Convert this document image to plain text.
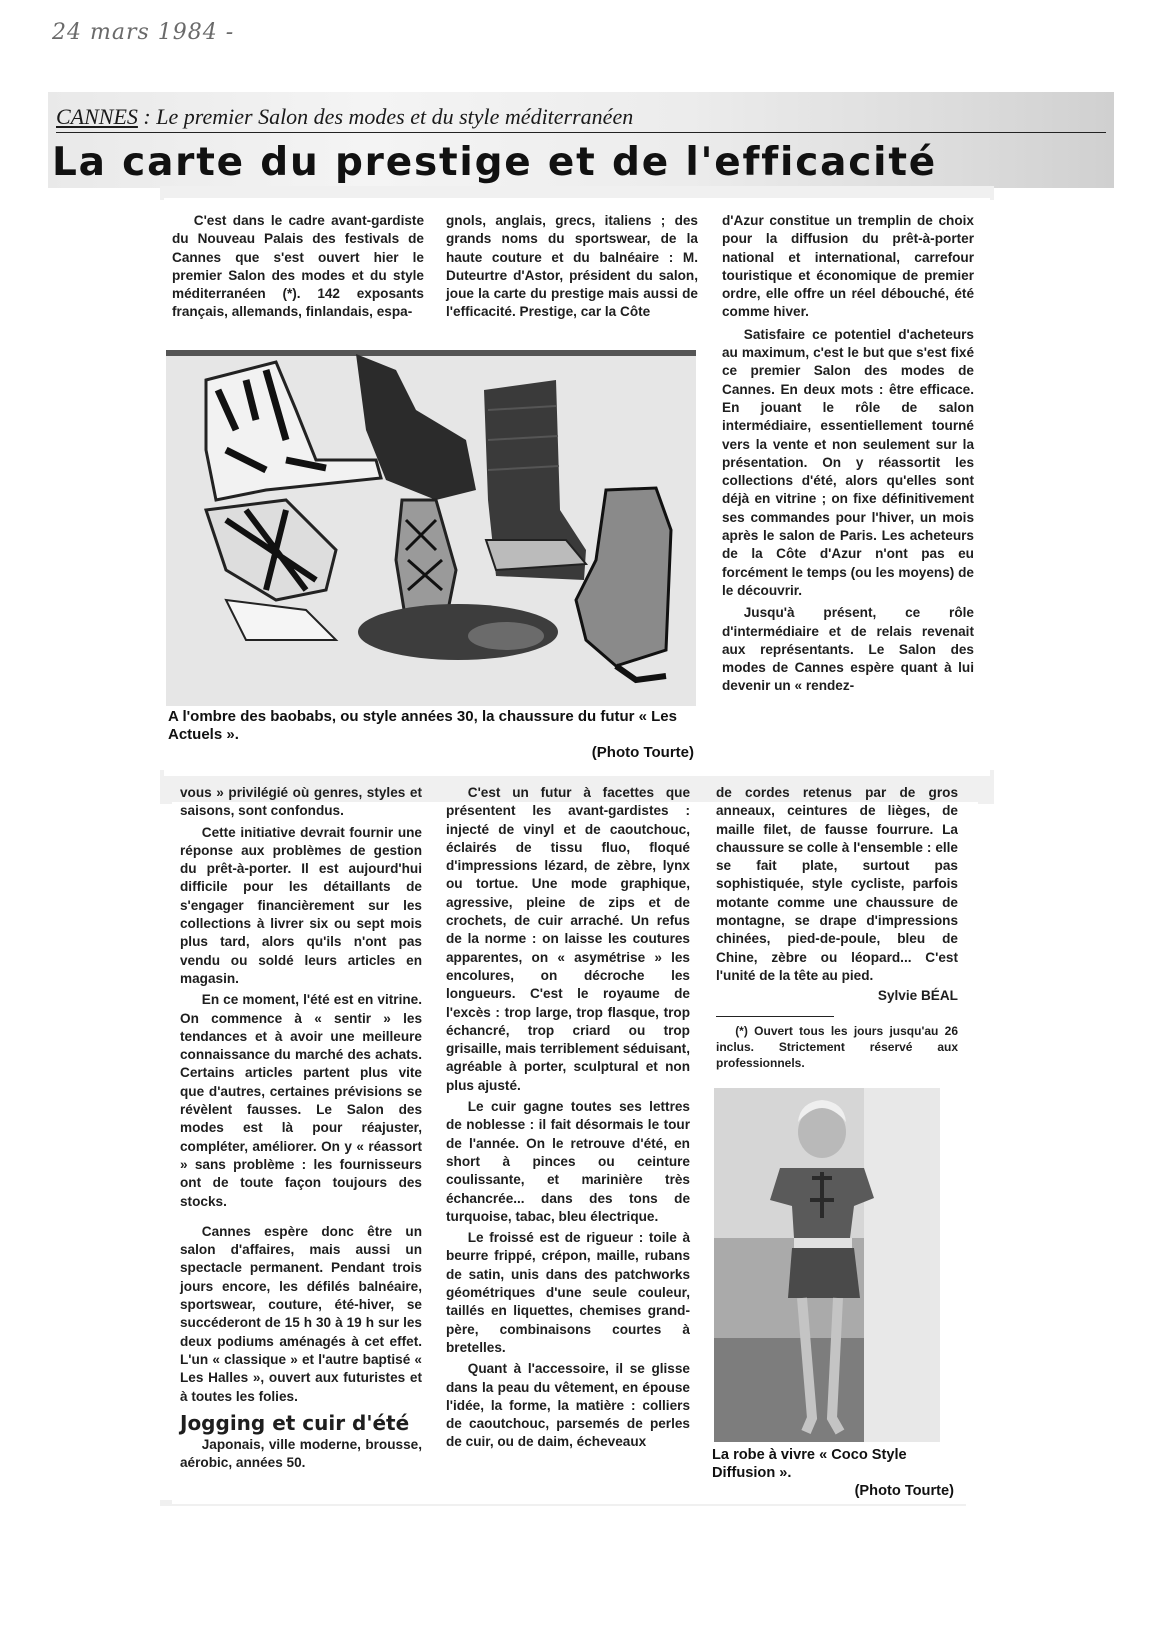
24 mars 1984 -
CANNES : Le premier Salon des modes et du style méditerranéen
La carte du prestige et de l'efficacité

C'est dans le cadre avant-gardiste du Nouveau Palais des festivals de Cannes que s'est ouvert hier le premier Salon des modes et du style méditerranéen (*). 142 exposants français, allemands, finlandais, espa-

gnols, anglais, grecs, italiens ; des grands noms du sportswear, de la haute couture et du balnéaire : M. Duteurtre d'Astor, président du salon, joue la carte du prestige mais aussi de l'efficacité. Prestige, car la Côte

d'Azur constitue un tremplin de choix pour la diffusion du prêt-à-porter national et international, carrefour touristique et économique de premier ordre, elle offre un réel débouché, été comme hiver.

Satisfaire ce potentiel d'acheteurs au maximum, c'est le but que s'est fixé ce premier Salon des modes de Cannes. En deux mots : être efficace. En jouant le rôle de salon intermédiaire, essentiellement tourné vers la vente et non seulement sur la présentation. On y réassortit les collections d'été, alors qu'elles sont déjà en vitrine ; on fixe définitivement ses commandes pour l'hiver, un mois après le salon de Paris. Les acheteurs de la Côte d'Azur n'ont pas eu forcément le temps (ou les moyens) de le découvrir.

Jusqu'à présent, ce rôle d'intermédiaire et de relais revenait aux représentants. Le Salon des modes de Cannes espère quant à lui devenir un « rendez-

A l'ombre des baobabs, ou style années 30, la chaussure du futur « Les Actuels ».
(Photo Tourte)

vous » privilégié où genres, styles et saisons, sont confondus.

Cette initiative devrait fournir une réponse aux problèmes de gestion du prêt-à-porter. Il est aujourd'hui difficile pour les détaillants de s'engager financièrement sur les collections à livrer six ou sept mois plus tard, alors qu'ils n'ont pas vendu ou soldé leurs articles en magasin.

En ce moment, l'été est en vitrine. On commence à « sentir » les tendances et à avoir une meilleure connaissance du marché des achats. Certains articles partent plus vite que d'autres, certaines prévisions se révèlent fausses. Le Salon des modes est là pour réajuster, compléter, améliorer. On y « réassort » sans problème : les fournisseurs ont de toute façon toujours des stocks.

Cannes espère donc être un salon d'affaires, mais aussi un spectacle permanent. Pendant trois jours encore, les défilés balnéaire, sportswear, couture, été-hiver, se succéderont de 15 h 30 à 19 h sur les deux podiums aménagés à cet effet. L'un « classique » et l'autre baptisé « Les Halles », ouvert aux futuristes et à toutes les folies.

Jogging et cuir d'été

Japonais, ville moderne, brousse, aérobic, années 50.

C'est un futur à facettes que présentent les avant-gardistes : injecté de vinyl et de caoutchouc, éclairés de tissu fluo, floqué d'impressions lézard, de zèbre, lynx ou tortue. Une mode graphique, agressive, pleine de zips et de crochets, de cuir arraché. Un refus de la norme : on laisse les coutures apparentes, on « asymétrise » les encolures, on décroche les longueurs. C'est le royaume de l'excès : trop large, trop flasque, trop échancré, trop criard ou trop grisaille, mais terriblement séduisant, agréable à porter, sculptural et non plus ajusté.

Le cuir gagne toutes ses lettres de noblesse : il fait désormais le tour de l'année. On le retrouve d'été, en short à pinces ou ceinture coulissante, et marinière très échancrée... dans des tons de turquoise, tabac, bleu électrique.

Le froissé est de rigueur : toile à beurre frippé, crépon, maille, rubans de satin, unis dans des patchworks géométriques d'une seule couleur, taillés en liquettes, chemises grand-père, combinaisons courtes à bretelles.

Quant à l'accessoire, il se glisse dans la peau du vêtement, en épouse l'idée, la forme, la matière : colliers de caoutchouc, parsemés de perles de cuir, ou de daim, écheveaux

de cordes retenus par de gros anneaux, ceintures de lièges, de maille filet, de fausse fourrure. La chaussure se colle à l'ensemble : elle se fait plate, surtout pas sophistiquée, style cycliste, parfois motante comme une chaussure de montagne, se drape d'impressions chinées, pied-de-poule, bleu de Chine, zèbre ou léopard... C'est l'unité de la tête au pied.

Sylvie BÉAL

(*) Ouvert tous les jours jusqu'au 26 inclus. Strictement réservé aux professionnels.

La robe à vivre « Coco Style Diffusion ».
(Photo Tourte)
